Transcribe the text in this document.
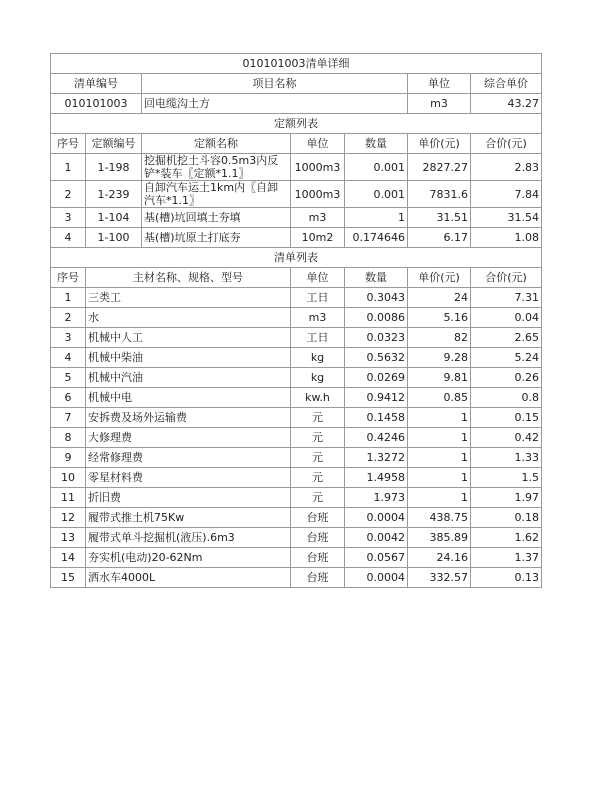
010101003清单详细						
清单编号		项目名称			单位	综合单价
010101003		回电缆沟土方			m3	43.27
定额列表						
序号	定额编号	定额名称	单位	数量	单价(元)	合价(元)
1	1-198	挖掘机挖土斗容0.5m3内反铲*装车〖定额*1.1〗	1000m3	0.001	2827.27	2.83
2	1-239	自卸汽车运土1km内〖自卸汽车*1.1〗	1000m3	0.001	7831.6	7.84
3	1-104	基(槽)坑回填土夯填	m3	1	31.51	31.54
4	1-100	基(槽)坑原土打底夯	10m2	0.174646	6.17	1.08
清单列表						
序号	主材名称、规格、型号		单位	数量	单价(元)	合价(元)
1	三类工		工日	0.3043	24	7.31
2	水		m3	0.0086	5.16	0.04
3	机械中人工		工日	0.0323	82	2.65
4	机械中柴油		kg	0.5632	9.28	5.24
5	机械中汽油		kg	0.0269	9.81	0.26
6	机械中电		kw.h	0.9412	0.85	0.8
7	安拆费及场外运输费		元	0.1458	1	0.15
8	大修理费		元	0.4246	1	0.42
9	经常修理费		元	1.3272	1	1.33
10	零星材料费		元	1.4958	1	1.5
11	折旧费		元	1.973	1	1.97
12	履带式推土机75Kw		台班	0.0004	438.75	0.18
13	履带式单斗挖掘机(液压).6m3		台班	0.0042	385.89	1.62
14	夯实机(电动)20-62Nm		台班	0.0567	24.16	1.37
15	洒水车4000L		台班	0.0004	332.57	0.13
